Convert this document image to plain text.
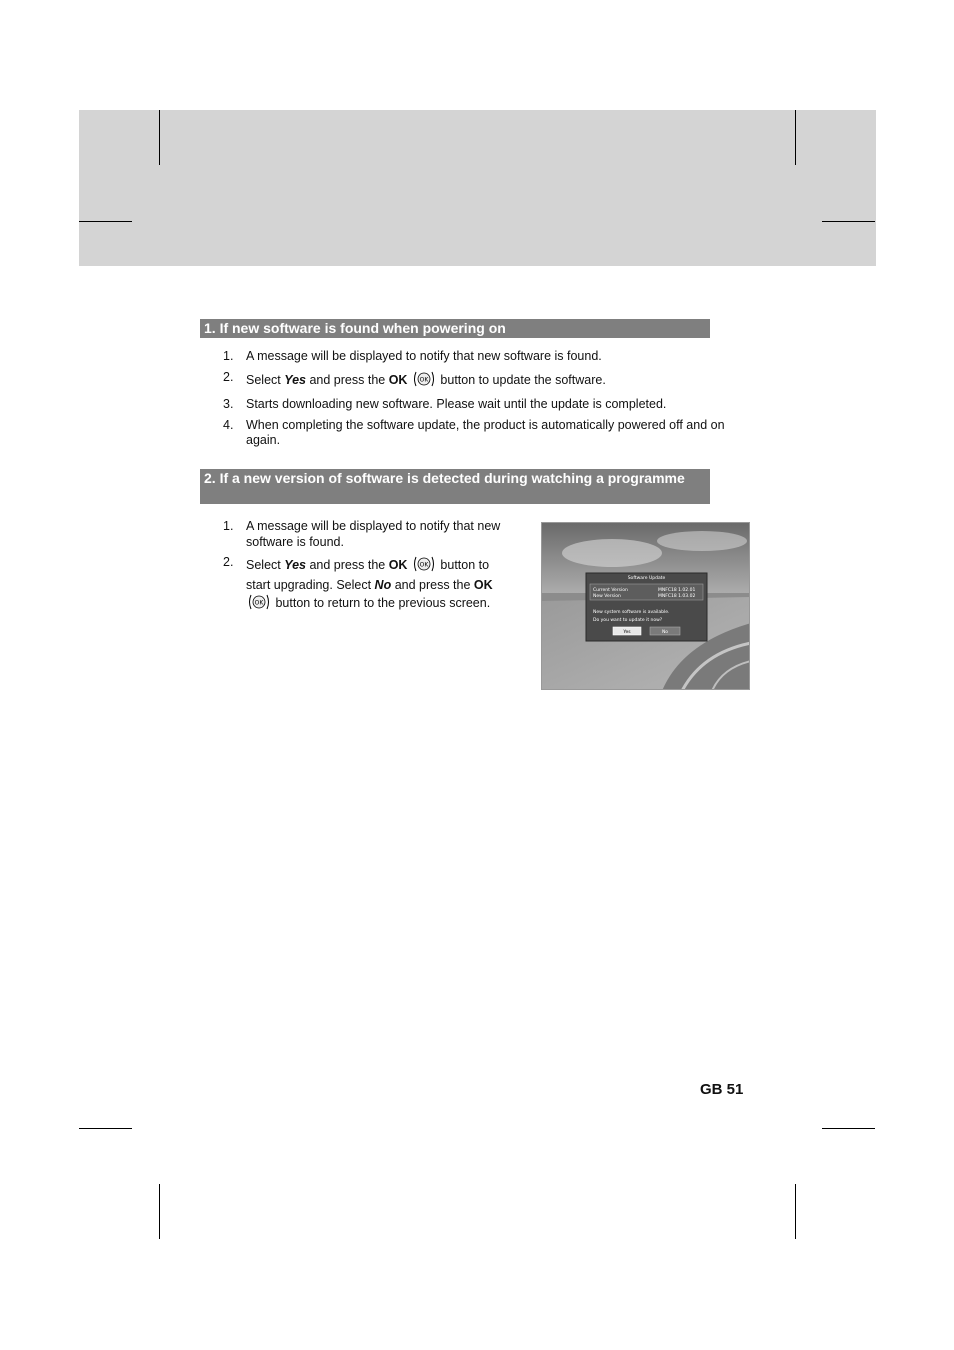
1. If new software is found when powering on
1. A message will be displayed to notify that new software is found.
2. Select Yes and press the OK OK button to update the software.
3. Starts downloading new software. Please wait until the update is completed.
4. When completing the software update, the product is automatically powered off and on again.
2. If a new version of software is detected during watching a programme
1. A message will be displayed to notify that new software is found.
2. Select Yes and press the OK OK button to start upgrading. Select No and press the OK
OK button to return to the previous screen.
Software Update
Current Version	MNFC18 1.02.01
New Version	MNFC18 1.03.02
New system software is available.
Do you want to update it now?
Yes	No
GB 51
